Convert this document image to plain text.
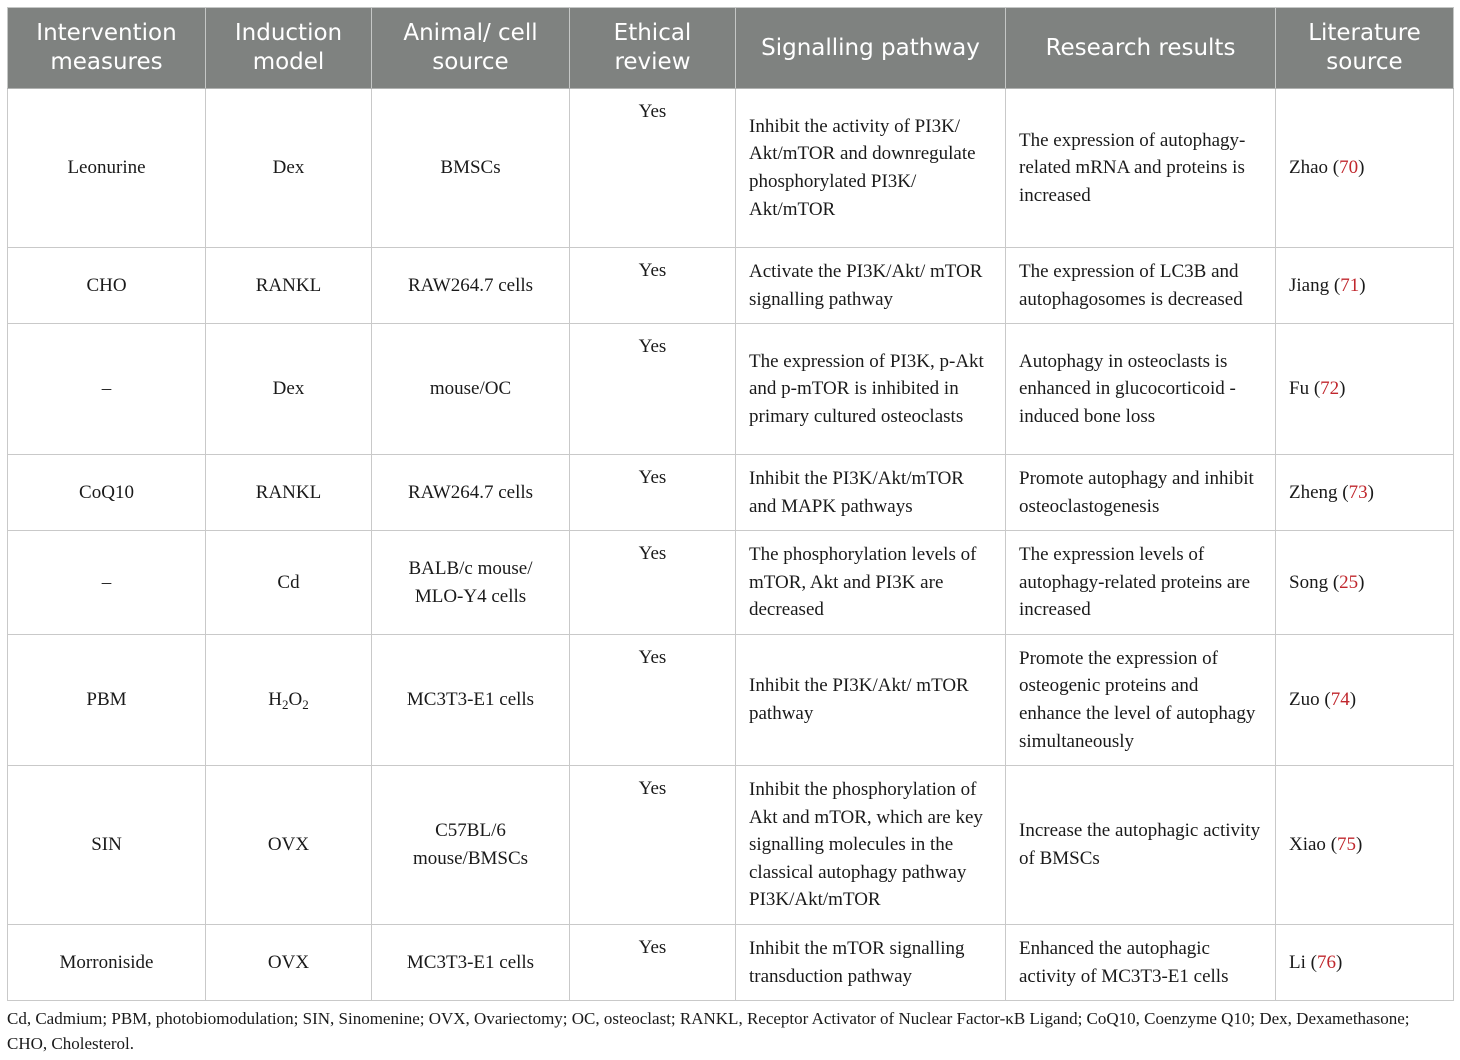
Intervention measures	Induction model	Animal/ cell source	Ethical review	Signalling pathway	Research results	Literature source
Leonurine	Dex	BMSCs	Yes	Inhibit the activity of PI3K/ Akt/mTOR and downregulate phosphorylated PI3K/ Akt/mTOR	The expression of autophagy-related mRNA and proteins is increased	Zhao (70)
CHO	RANKL	RAW264.7 cells	Yes	Activate the PI3K/Akt/ mTOR signalling pathway	The expression of LC3B and autophagosomes is decreased	Jiang (71)
–	Dex	mouse/OC	Yes	The expression of PI3K, p-Akt and p-mTOR is inhibited in primary cultured osteoclasts	Autophagy in osteoclasts is enhanced in glucocorticoid - induced bone loss	Fu (72)
CoQ10	RANKL	RAW264.7 cells	Yes	Inhibit the PI3K/Akt/mTOR and MAPK pathways	Promote autophagy and inhibit osteoclastogenesis	Zheng (73)
–	Cd	BALB/c mouse/ MLO-Y4 cells	Yes	The phosphorylation levels of mTOR, Akt and PI3K are decreased	The expression levels of autophagy-related proteins are increased	Song (25)
PBM	$H_2O_2$	MC3T3-E1 cells	Yes	Inhibit the PI3K/Akt/ mTOR pathway	Promote the expression of osteogenic proteins and enhance the level of autophagy simultaneously	Zuo (74)
SIN	OVX	C57BL/6 mouse/BMSCs	Yes	Inhibit the phosphorylation of Akt and mTOR, which are key signalling molecules in the classical autophagy pathway PI3K/Akt/mTOR	Increase the autophagic activity of BMSCs	Xiao (75)
Morroniside	OVX	MC3T3-E1 cells	Yes	Inhibit the mTOR signalling transduction pathway	Enhanced the autophagic activity of MC3T3-E1 cells	Li (76)
Cd, Cadmium; PBM, photobiomodulation; SIN, Sinomenine; OVX, Ovariectomy; OC, osteoclast; RANKL, Receptor Activator of Nuclear Factor-κB Ligand; CoQ10, Coenzyme Q10; Dex, Dexamethasone; CHO, Cholesterol.
